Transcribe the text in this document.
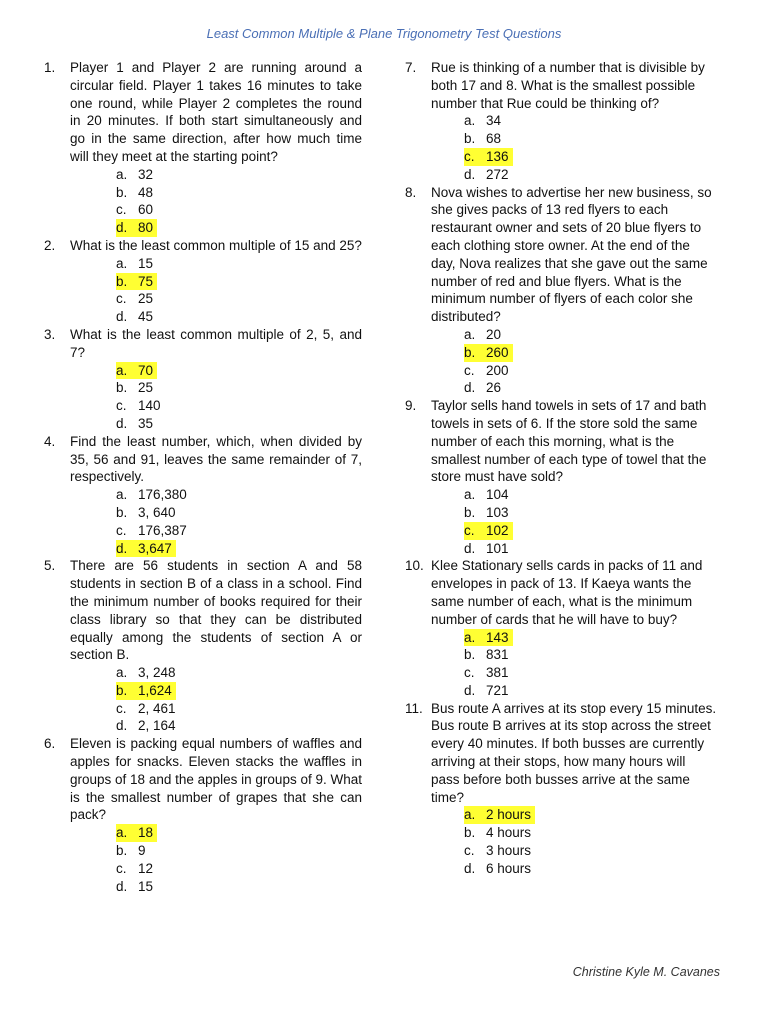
Least Common Multiple & Plane Trigonometry Test Questions
1.	Player 1 and Player 2 are running around a circular field. Player 1 takes 16 minutes to take one round, while Player 2 completes the round in 20 minutes. If both start simultaneously and go in the same direction, after how much time will they meet at the starting point?
a. 32
b. 48
c. 60
d. 80
2.	What is the least common multiple of 15 and 25?
a. 15
b. 75
c. 25
d. 45
3.	What is the least common multiple of 2, 5, and 7?
a. 70
b. 25
c. 140
d. 35
4.	Find the least number, which, when divided by 35, 56 and 91, leaves the same remainder of 7, respectively.
a. 176,380
b. 3, 640
c. 176,387
d. 3,647
5.	There are 56 students in section A and 58 students in section B of a class in a school. Find the minimum number of books required for their class library so that they can be distributed equally among the students of section A or section B.
a. 3, 248
b. 1,624
c. 2, 461
d. 2, 164
6.	Eleven is packing equal numbers of waffles and apples for snacks. Eleven stacks the waffles in groups of 18 and the apples in groups of 9. What is the smallest number of grapes that she can pack?
a. 18
b. 9
c. 12
d. 15
7.	Rue is thinking of a number that is divisible by both 17 and 8. What is the smallest possible number that Rue could be thinking of?
a. 34
b. 68
c. 136
d. 272
8.	Nova wishes to advertise her new business, so she gives packs of 13 red flyers to each restaurant owner and sets of 20 blue flyers to each clothing store owner. At the end of the day, Nova realizes that she gave out the same number of red and blue flyers. What is the minimum number of flyers of each color she distributed?
a. 20
b. 260
c. 200
d. 26
9.	Taylor sells hand towels in sets of 17 and bath towels in sets of 6. If the store sold the same number of each this morning, what is the smallest number of each type of towel that the store must have sold?
a. 104
b. 103
c. 102
d. 101
10. Klee Stationary sells cards in packs of 11 and envelopes in pack of 13. If Kaeya wants the same number of each, what is the minimum number of cards that he will have to buy?
a. 143
b. 831
c. 381
d. 721
11. Bus route A arrives at its stop every 15 minutes. Bus route B arrives at its stop across the street every 40 minutes. If both busses are currently arriving at their stops, how many hours will pass before both busses arrive at the same time?
a. 2 hours
b. 4 hours
c. 3 hours
d. 6 hours
Christine Kyle M. Cavanes
